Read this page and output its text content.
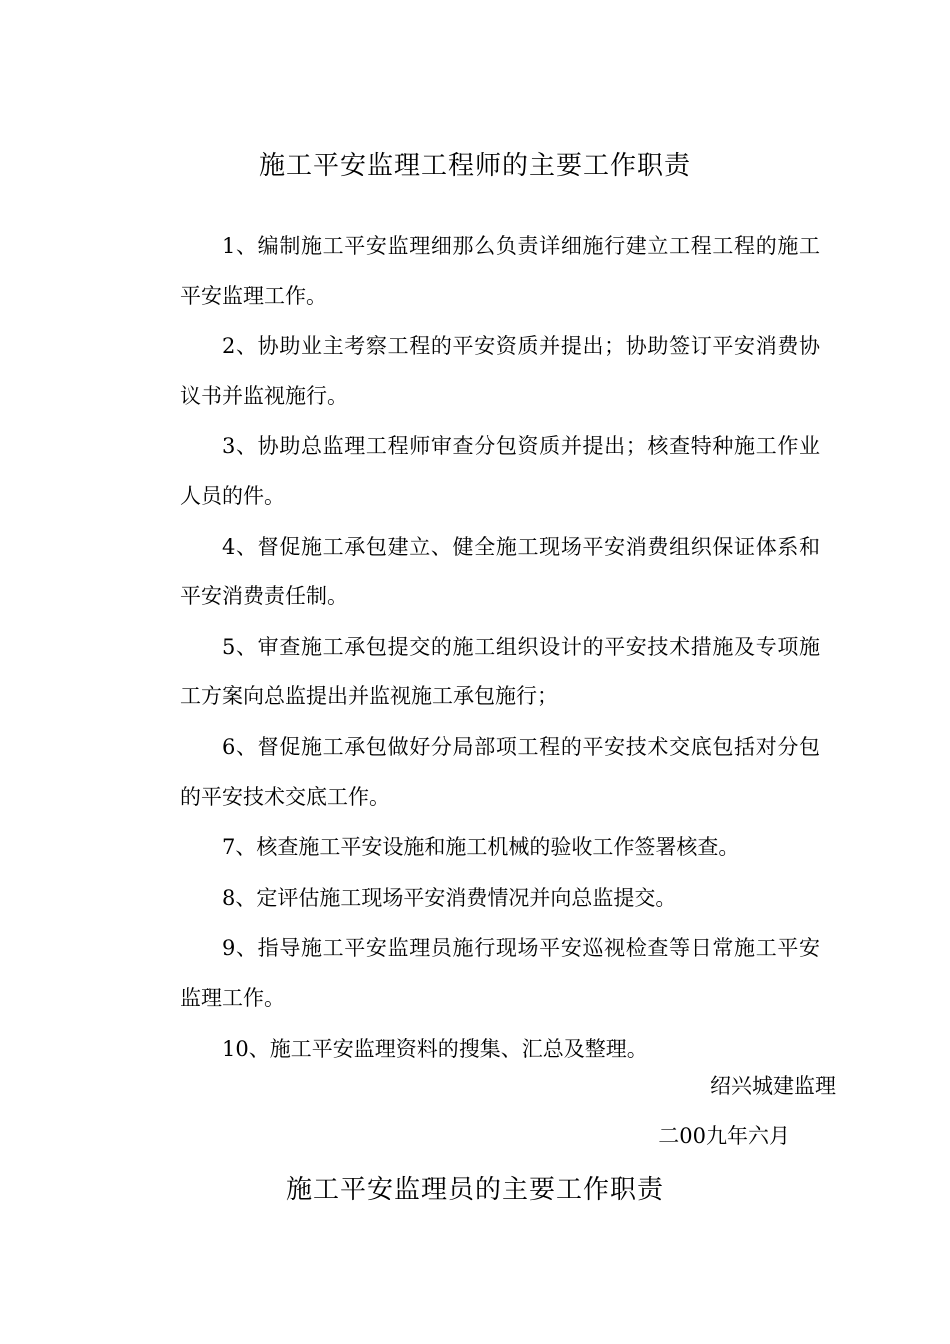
施工平安监理工程师的主要工作职责

1、编制施工平安监理细那么负责详细施行建立工程工程的施工平安监理工作。

2、协助业主考察工程的平安资质并提出；协助签订平安消费协议书并监视施行。

3、协助总监理工程师审查分包资质并提出；核查特种施工作业人员的件。

4、督促施工承包建立、健全施工现场平安消费组织保证体系和平安消费责任制。

5、审查施工承包提交的施工组织设计的平安技术措施及专项施工方案向总监提出并监视施工承包施行；

6、督促施工承包做好分局部项工程的平安技术交底包括对分包的平安技术交底工作。

7、核查施工平安设施和施工机械的验收工作签署核查。

8、定评估施工现场平安消费情况并向总监提交。

9、指导施工平安监理员施行现场平安巡视检查等日常施工平安监理工作。

10、施工平安监理资料的搜集、汇总及整理。

绍兴城建监理
二00九年六月
施工平安监理员的主要工作职责
